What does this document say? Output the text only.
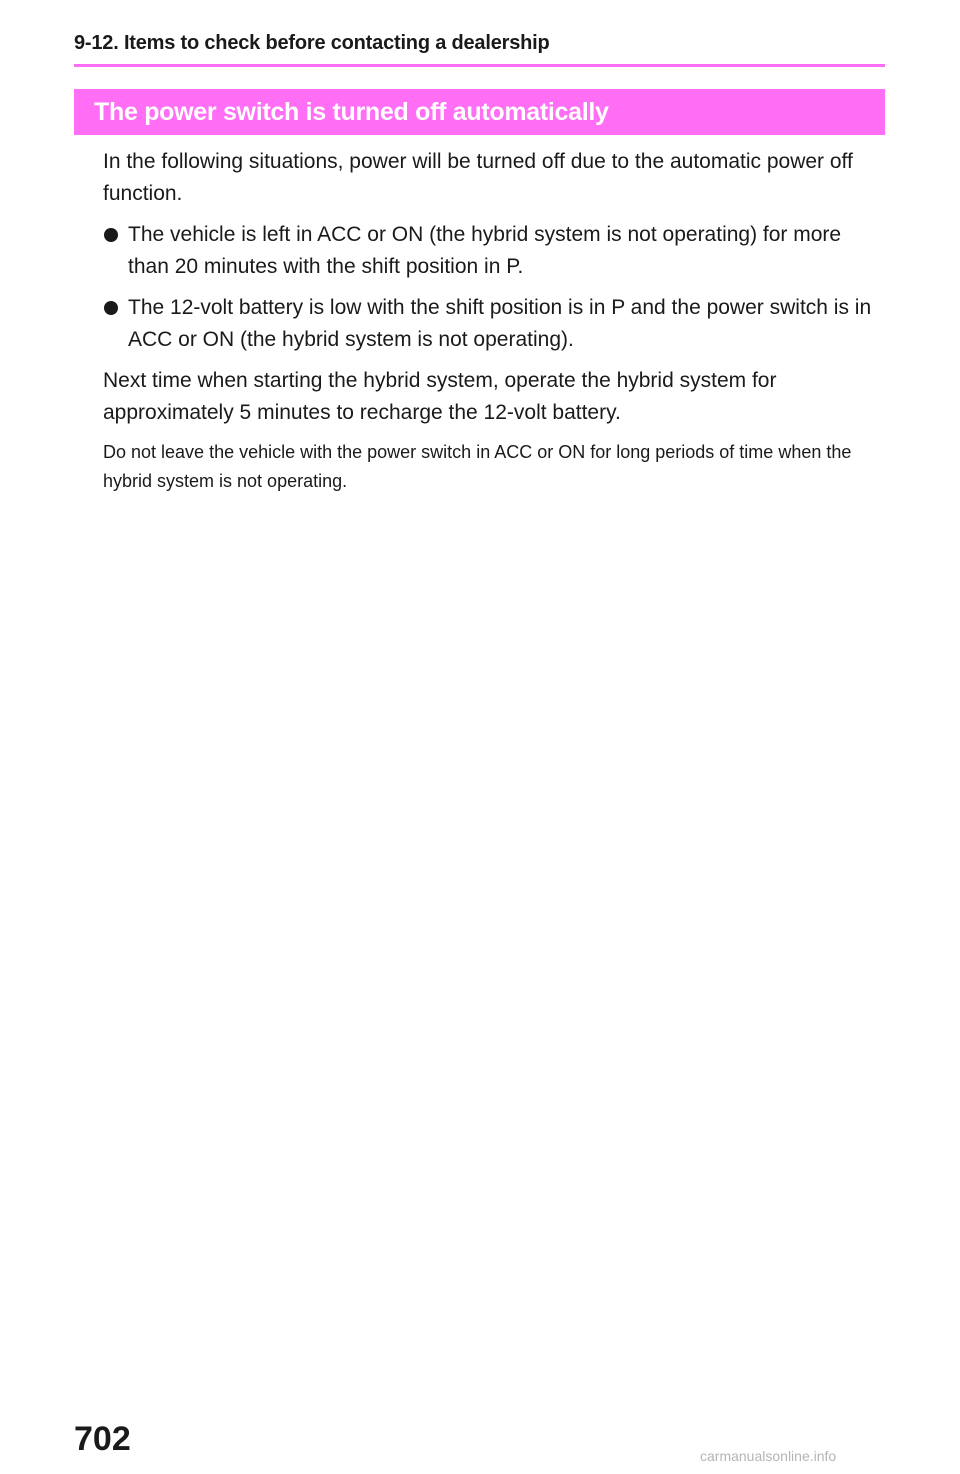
9-12. Items to check before contacting a dealership
The power switch is turned off automatically

In the following situations, power will be turned off due to the automatic power off function.

The vehicle is left in ACC or ON (the hybrid system is not operating) for more than 20 minutes with the shift position in P.
The 12-volt battery is low with the shift position is in P and the power switch is in ACC or ON (the hybrid system is not operating).

Next time when starting the hybrid system, operate the hybrid system for approximately 5 minutes to recharge the 12-volt battery.

Do not leave the vehicle with the power switch in ACC or ON for long periods of time when the hybrid system is not operating.

702	carmanualsonline.info
